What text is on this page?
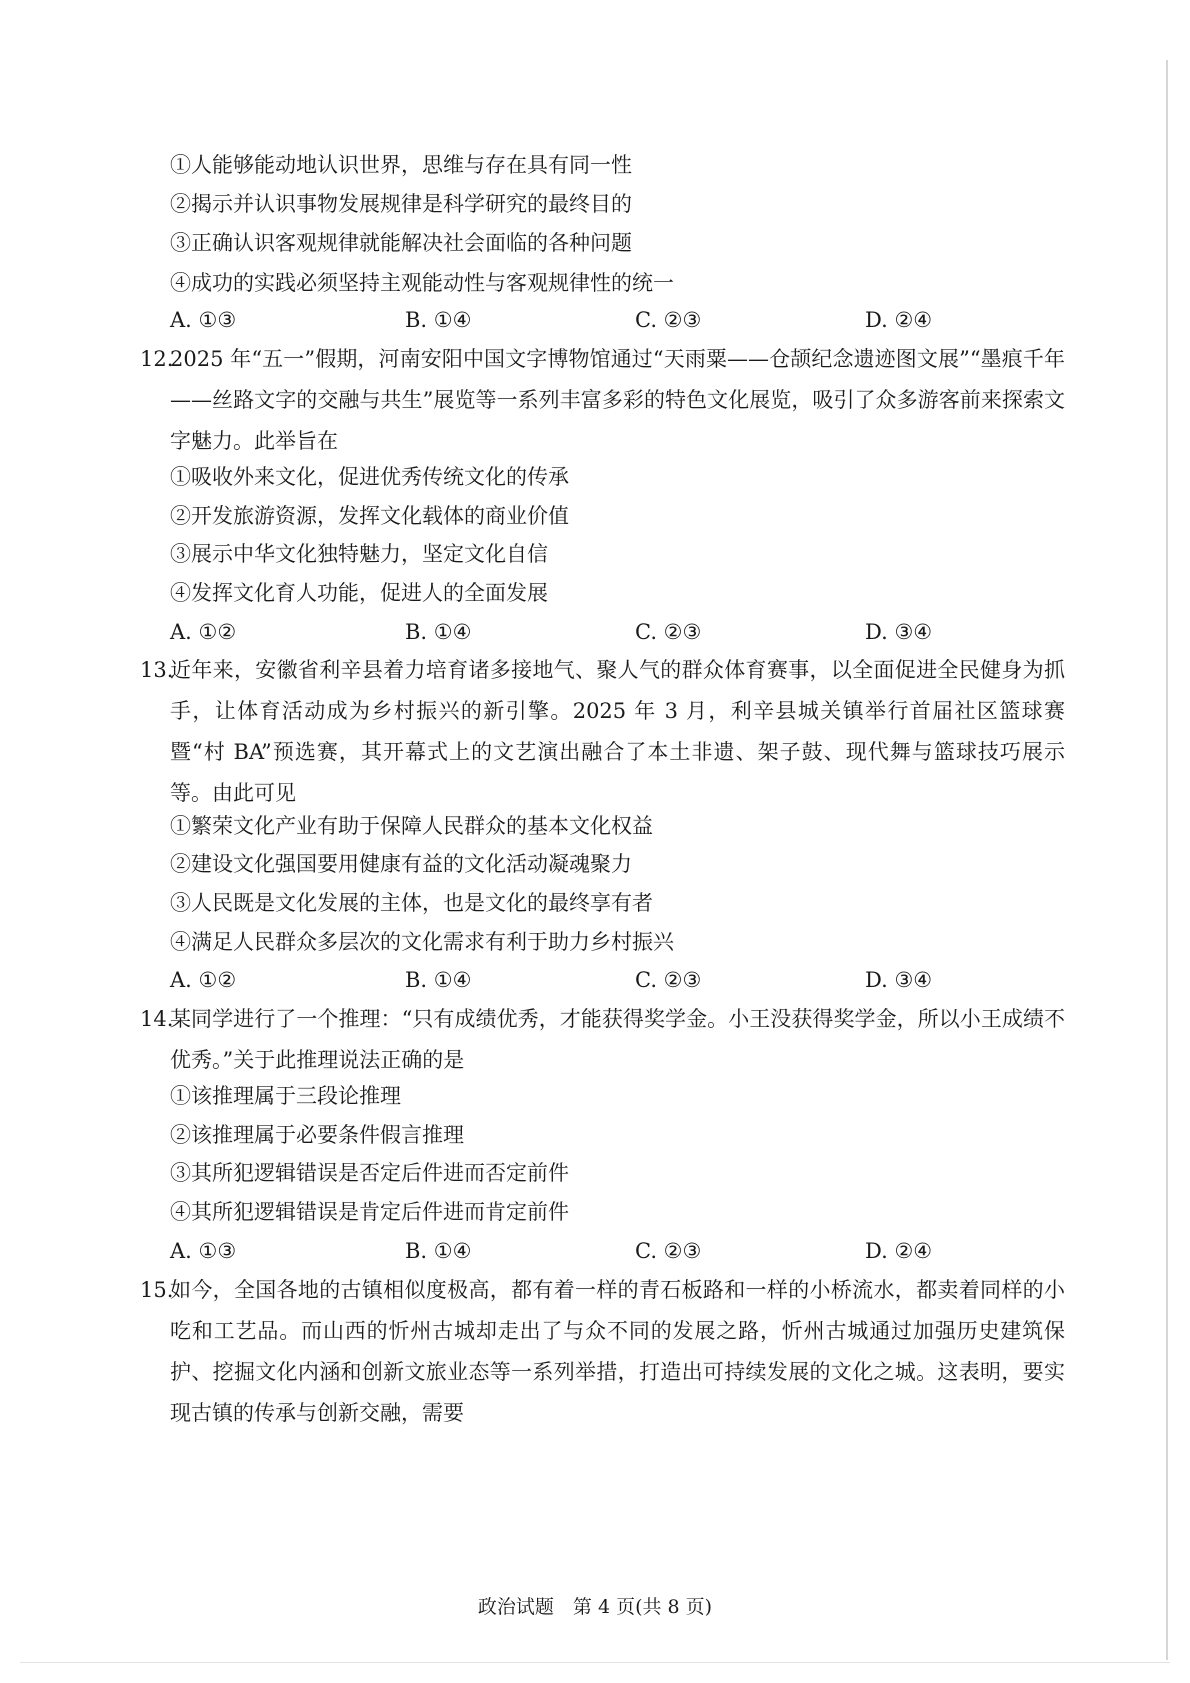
①人能够能动地认识世界，思维与存在具有同一性
②揭示并认识事物发展规律是科学研究的最终目的
③正确认识客观规律就能解决社会面临的各种问题
④成功的实践必须坚持主观能动性与客观规律性的统一
A. ①③	B. ①④	C. ②③	D. ②④
12.
2025 年“五一”假期，河南安阳中国文字博物馆通过“天雨粟——仓颉纪念遗迹图文展”“墨痕千年——丝路文字的交融与共生”展览等一系列丰富多彩的特色文化展览，吸引了众多游客前来探索文字魅力。此举旨在
①吸收外来文化，促进优秀传统文化的传承
②开发旅游资源，发挥文化载体的商业价值
③展示中华文化独特魅力，坚定文化自信
④发挥文化育人功能，促进人的全面发展
A. ①②	B. ①④	C. ②③	D. ③④
13.
近年来，安徽省利辛县着力培育诸多接地气、聚人气的群众体育赛事，以全面促进全民健身为抓手，让体育活动成为乡村振兴的新引擎。2025 年 3 月，利辛县城关镇举行首届社区篮球赛暨“村 BA”预选赛，其开幕式上的文艺演出融合了本土非遗、架子鼓、现代舞与篮球技巧展示等。由此可见
①繁荣文化产业有助于保障人民群众的基本文化权益
②建设文化强国要用健康有益的文化活动凝魂聚力
③人民既是文化发展的主体，也是文化的最终享有者
④满足人民群众多层次的文化需求有利于助力乡村振兴
A. ①②	B. ①④	C. ②③	D. ③④
14.
某同学进行了一个推理：“只有成绩优秀，才能获得奖学金。小王没获得奖学金，所以小王成绩不优秀。”关于此推理说法正确的是
①该推理属于三段论推理
②该推理属于必要条件假言推理
③其所犯逻辑错误是否定后件进而否定前件
④其所犯逻辑错误是肯定后件进而肯定前件
A. ①③	B. ①④	C. ②③	D. ②④
15.
如今，全国各地的古镇相似度极高，都有着一样的青石板路和一样的小桥流水，都卖着同样的小吃和工艺品。而山西的忻州古城却走出了与众不同的发展之路，忻州古城通过加强历史建筑保护、挖掘文化内涵和创新文旅业态等一系列举措，打造出可持续发展的文化之城。这表明，要实现古镇的传承与创新交融，需要
政治试题　第 4 页(共 8 页)
